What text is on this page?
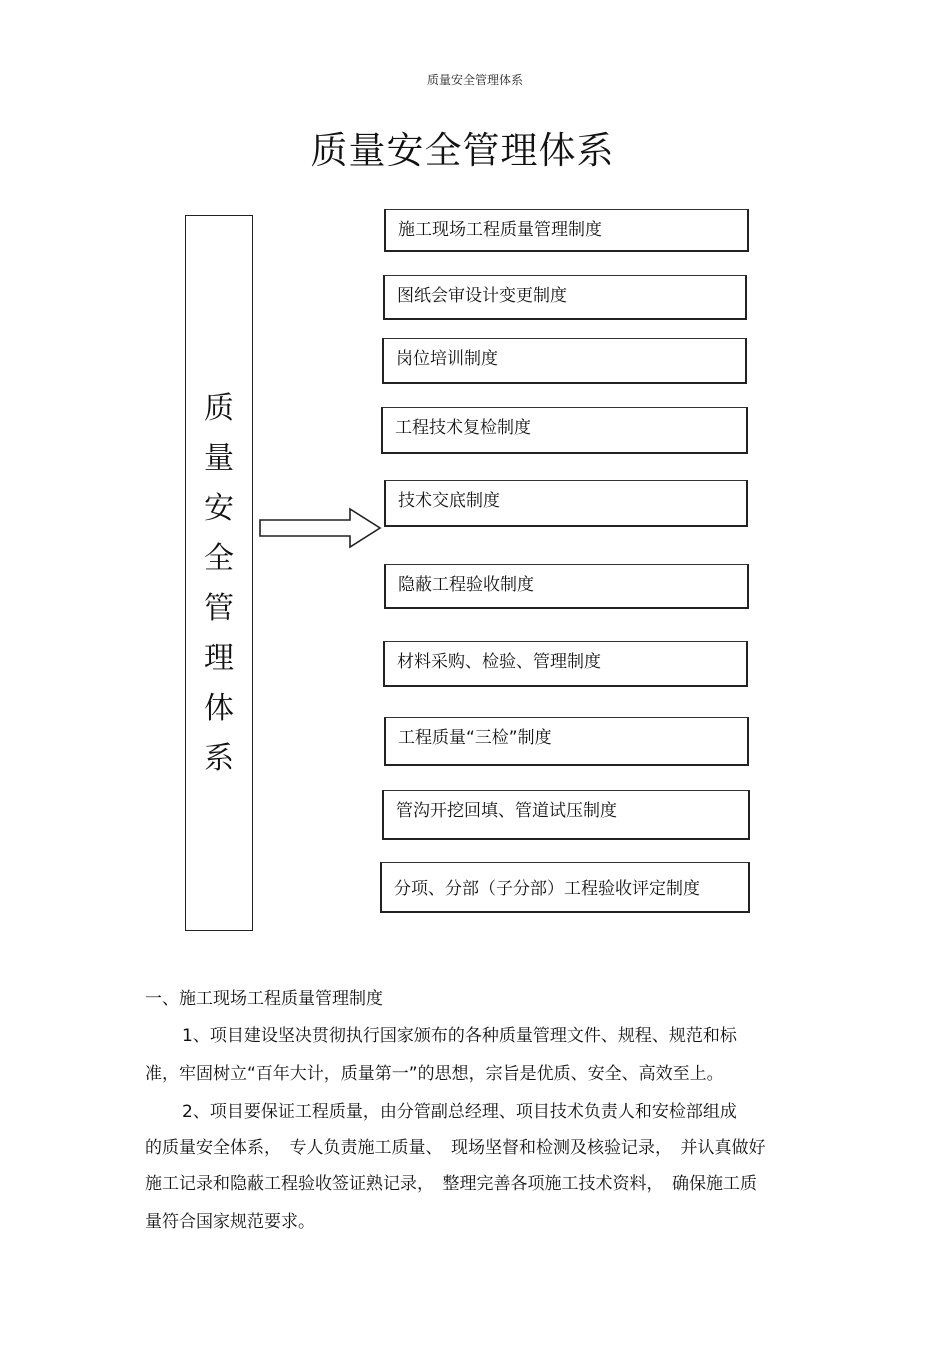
质量安全管理体系
质量安全管理体系
质
量
安
全
管
理
体
系
施工现场工程质量管理制度
图纸会审设计变更制度
岗位培训制度
工程技术复检制度
技术交底制度
隐蔽工程验收制度
材料采购、检验、管理制度
工程质量“三检”制度
管沟开挖回填、管道试压制度
分项、分部（子分部）工程验收评定制度
一、施工现场工程质量管理制度
1、项目建设坚决贯彻执行国家颁布的各种质量管理文件、规程、规范和标
准，牢固树立“百年大计，质量第一”的思想，宗旨是优质、安全、高效至上。
2、项目要保证工程质量，由分管副总经理、项目技术负责人和安检部组成
的质量安全体系，　专人负责施工质量、　现场坚督和检测及核验记录，　并认真做好
施工记录和隐蔽工程验收签证熟记录，　整理完善各项施工技术资料，　确保施工质
量符合国家规范要求。
